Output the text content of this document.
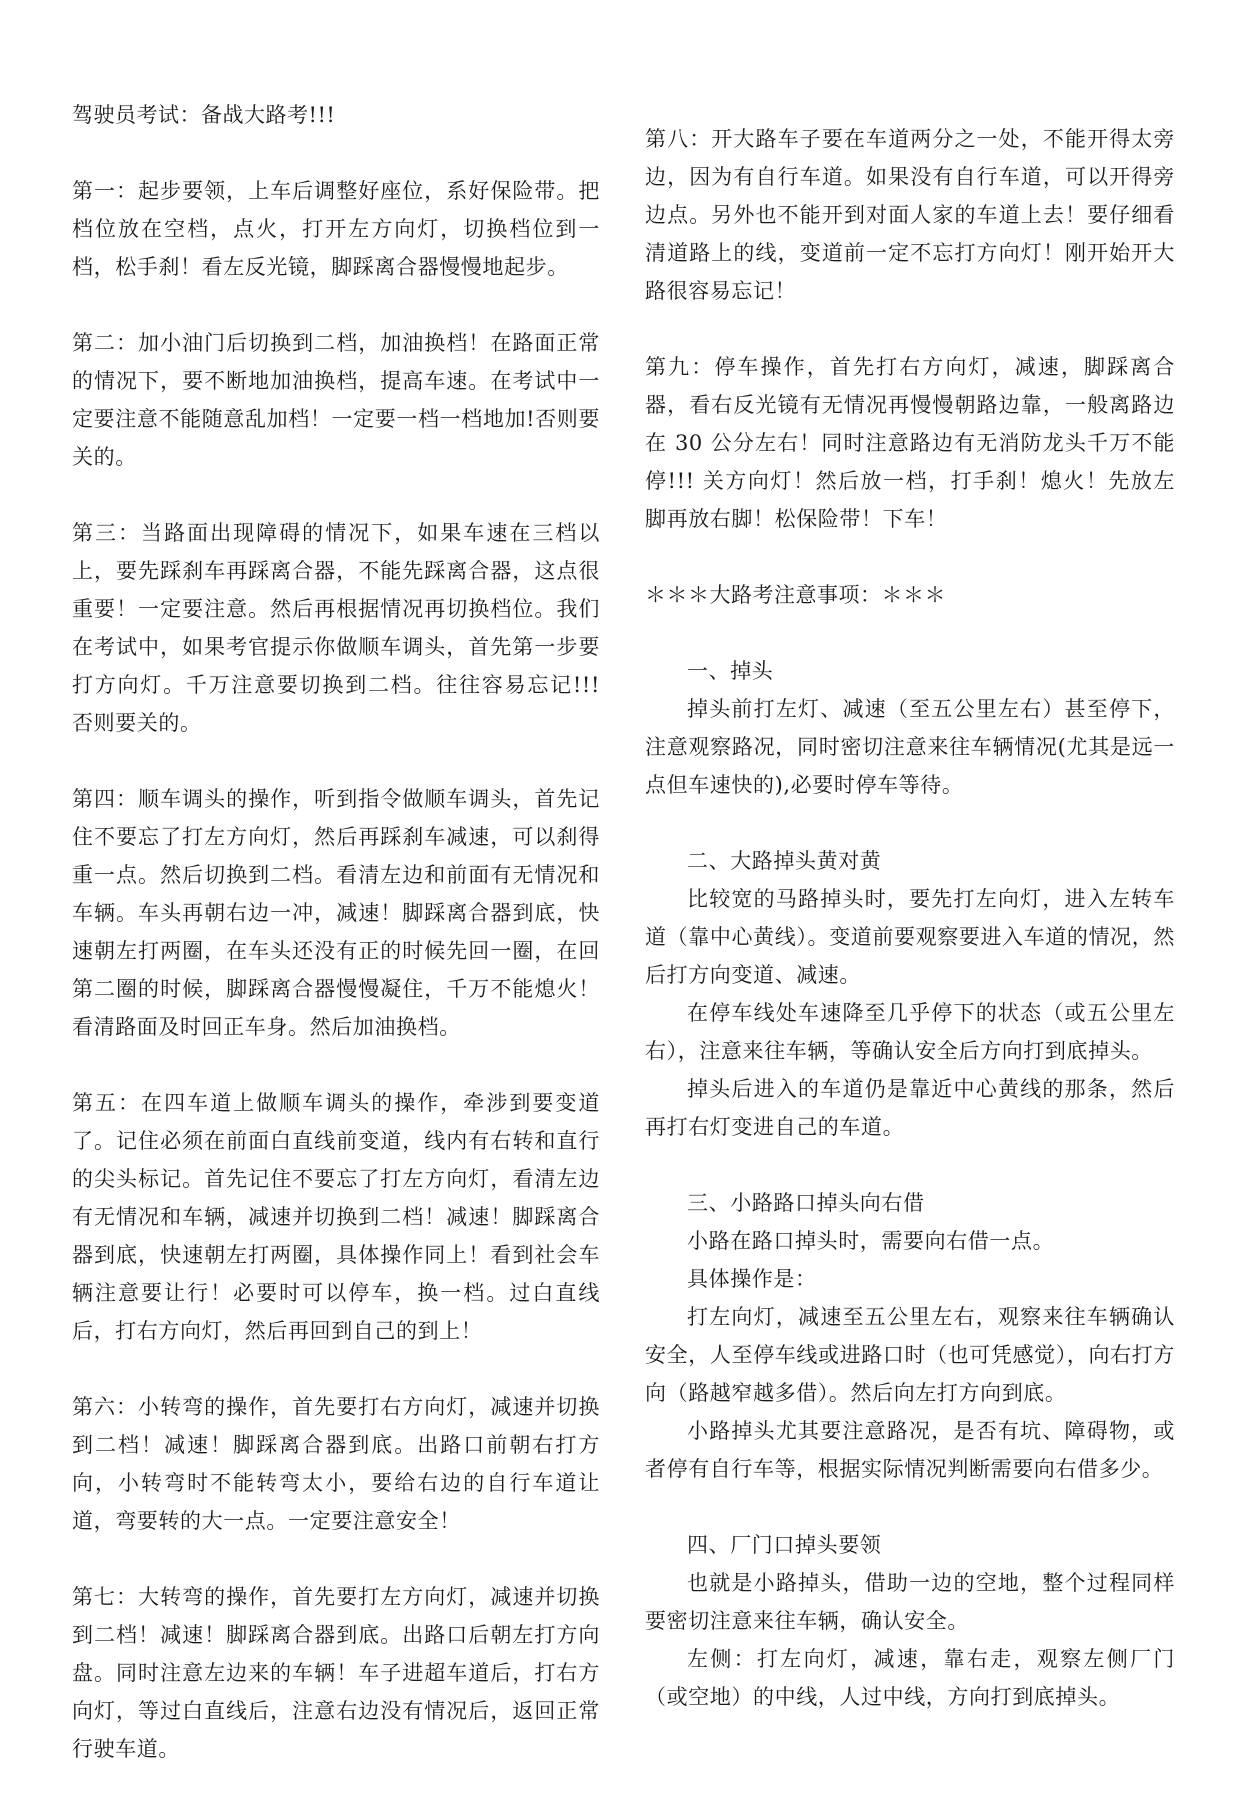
驾驶员考试：备战大路考!!!

第一：起步要领，上车后调整好座位，系好保险带。把档位放在空档，点火，打开左方向灯，切换档位到一档，松手刹！看左反光镜，脚踩离合器慢慢地起步。

第二：加小油门后切换到二档，加油换档！在路面正常的情况下，要不断地加油换档，提高车速。在考试中一定要注意不能随意乱加档！一定要一档一档地加!否则要关的。

第三：当路面出现障碍的情况下，如果车速在三档以上，要先踩刹车再踩离合器，不能先踩离合器，这点很重要！一定要注意。然后再根据情况再切换档位。我们在考试中，如果考官提示你做顺车调头，首先第一步要打方向灯。千万注意要切换到二档。往往容易忘记!!! 否则要关的。

第四：顺车调头的操作，听到指令做顺车调头，首先记住不要忘了打左方向灯，然后再踩刹车减速，可以刹得重一点。然后切换到二档。看清左边和前面有无情况和车辆。车头再朝右边一冲，减速！脚踩离合器到底，快速朝左打两圈，在车头还没有正的时候先回一圈，在回第二圈的时候，脚踩离合器慢慢凝住，千万不能熄火！看清路面及时回正车身。然后加油换档。

第五：在四车道上做顺车调头的操作，牵涉到要变道了。记住必须在前面白直线前变道，线内有右转和直行的尖头标记。首先记住不要忘了打左方向灯，看清左边有无情况和车辆，减速并切换到二档！减速！脚踩离合器到底，快速朝左打两圈，具体操作同上！看到社会车辆注意要让行！必要时可以停车，换一档。过白直线后，打右方向灯，然后再回到自己的到上！

第六：小转弯的操作，首先要打右方向灯，减速并切换到二档！减速！脚踩离合器到底。出路口前朝右打方向，小转弯时不能转弯太小，要给右边的自行车道让道，弯要转的大一点。一定要注意安全！

第七：大转弯的操作，首先要打左方向灯，减速并切换到二档！减速！脚踩离合器到底。出路口后朝左打方向盘。同时注意左边来的车辆！车子进超车道后，打右方向灯，等过白直线后，注意右边没有情况后，返回正常行驶车道。

第八：开大路车子要在车道两分之一处，不能开得太旁边，因为有自行车道。如果没有自行车道，可以开得旁边点。另外也不能开到对面人家的车道上去！要仔细看清道路上的线，变道前一定不忘打方向灯！刚开始开大路很容易忘记！

第九：停车操作，首先打右方向灯，减速，脚踩离合器，看右反光镜有无情况再慢慢朝路边靠，一般离路边在 30 公分左右！同时注意路边有无消防龙头千万不能停!!! 关方向灯！然后放一档，打手刹！熄火！先放左脚再放右脚！松保险带！下车！

＊＊＊大路考注意事项：＊＊＊
一、掉头

掉头前打左灯、减速（至五公里左右）甚至停下，注意观察路况，同时密切注意来往车辆情况(尤其是远一点但车速快的),必要时停车等待。

二、大路掉头黄对黄

比较宽的马路掉头时，要先打左向灯，进入左转车道（靠中心黄线）。变道前要观察要进入车道的情况，然后打方向变道、减速。

在停车线处车速降至几乎停下的状态（或五公里左右），注意来往车辆，等确认安全后方向打到底掉头。

掉头后进入的车道仍是靠近中心黄线的那条，然后再打右灯变进自己的车道。

三、小路路口掉头向右借

小路在路口掉头时，需要向右借一点。

具体操作是：

打左向灯，减速至五公里左右，观察来往车辆确认安全，人至停车线或进路口时（也可凭感觉），向右打方向（路越窄越多借）。然后向左打方向到底。

小路掉头尤其要注意路况，是否有坑、障碍物，或者停有自行车等，根据实际情况判断需要向右借多少。

四、厂门口掉头要领

也就是小路掉头，借助一边的空地，整个过程同样要密切注意来往车辆，确认安全。

左侧：打左向灯，减速，靠右走，观察左侧厂门（或空地）的中线，人过中线，方向打到底掉头。
